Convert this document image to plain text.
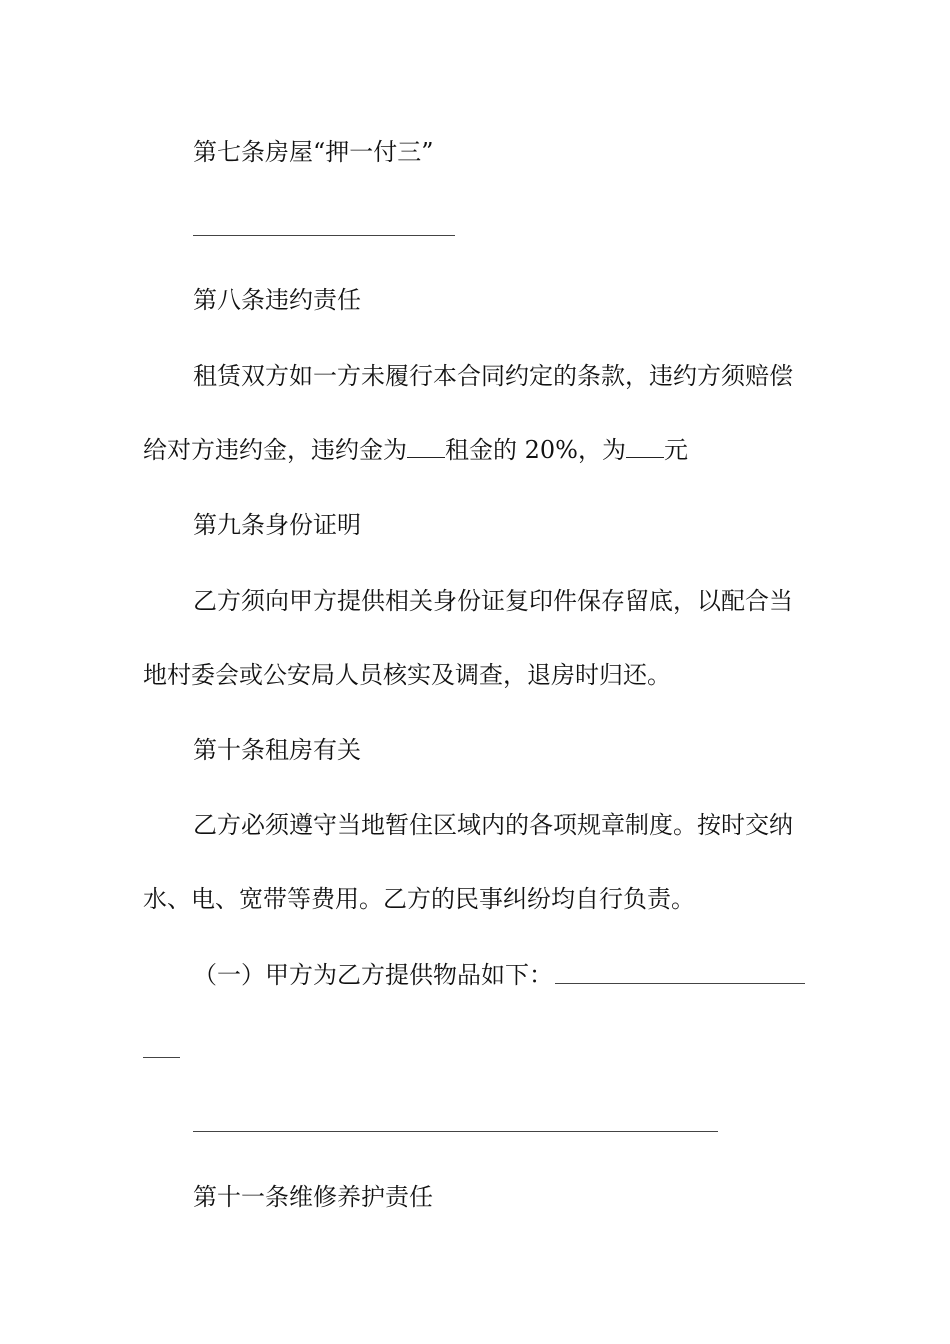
第七条房屋“押一付三”
第八条违约责任
租赁双方如一方未履行本合同约定的条款，违约方须赔偿
给对方违约金，违约金为 租金的 20%，为 元
第九条身份证明
乙方须向甲方提供相关身份证复印件保存留底，以配合当
地村委会或公安局人员核实及调查，退房时归还。
第十条租房有关
乙方必须遵守当地暂住区域内的各项规章制度。按时交纳
水、电、宽带等费用。乙方的民事纠纷均自行负责。
（一）甲方为乙方提供物品如下：
第十一条维修养护责任
